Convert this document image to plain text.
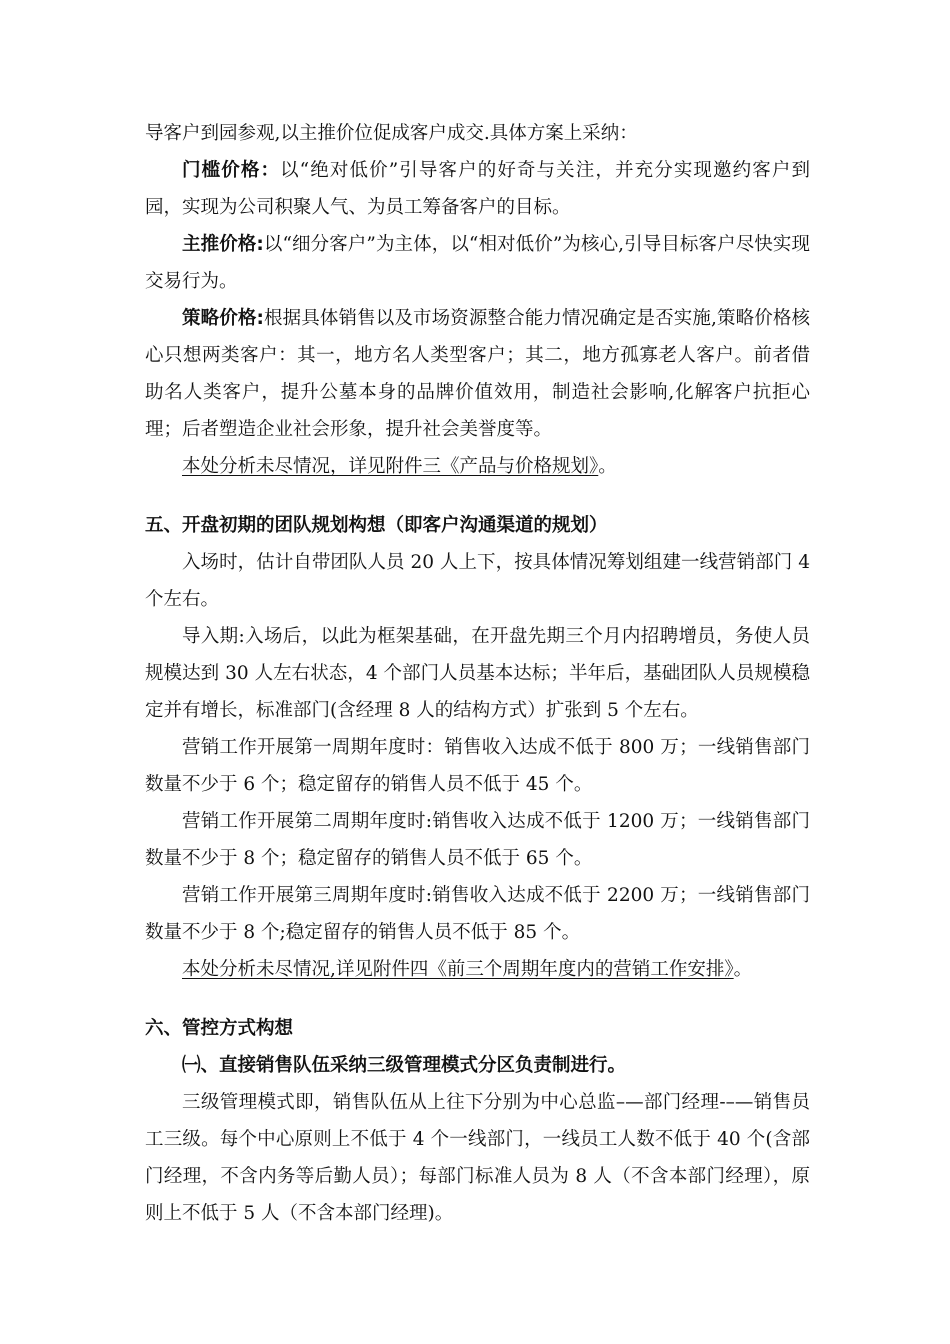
导客户到园参观,以主推价位促成客户成交.具体方案上采纳：

门槛价格：以“绝对低价”引导客户的好奇与关注，并充分实现邀约客户到园，实现为公司积聚人气、为员工筹备客户的目标。

主推价格:以“细分客户”为主体，以“相对低价”为核心,引导目标客户尽快实现交易行为。

策略价格:根据具体销售以及市场资源整合能力情况确定是否实施,策略价格核心只想两类客户：其一，地方名人类型客户；其二，地方孤寡老人客户。前者借助名人类客户，提升公墓本身的品牌价值效用，制造社会影响,化解客户抗拒心理；后者塑造企业社会形象，提升社会美誉度等。

本处分析未尽情况，详见附件三《产品与价格规划》。

五、开盘初期的团队规划构想（即客户沟通渠道的规划）

入场时，估计自带团队人员 20 人上下，按具体情况筹划组建一线营销部门 4 个左右。

导入期:入场后，以此为框架基础，在开盘先期三个月内招聘增员，务使人员规模达到 30 人左右状态，4 个部门人员基本达标；半年后，基础团队人员规模稳定并有增长，标准部门(含经理 8 人的结构方式）扩张到 5 个左右。

营销工作开展第一周期年度时：销售收入达成不低于 800 万；一线销售部门数量不少于 6 个；稳定留存的销售人员不低于 45 个。

营销工作开展第二周期年度时:销售收入达成不低于 1200 万；一线销售部门数量不少于 8 个；稳定留存的销售人员不低于 65 个。

营销工作开展第三周期年度时:销售收入达成不低于 2200 万；一线销售部门数量不少于 8 个;稳定留存的销售人员不低于 85 个。

本处分析未尽情况,详见附件四《前三个周期年度内的营销工作安排》。

六、管控方式构想

㈠、直接销售队伍采纳三级管理模式分区负责制进行。

三级管理模式即，销售队伍从上往下分别为中心总监–—部门经理-–—销售员工三级。每个中心原则上不低于 4 个一线部门，一线员工人数不低于 40 个(含部门经理，不含内务等后勤人员）；每部门标准人员为 8 人（不含本部门经理），原则上不低于 5 人（不含本部门经理)。
